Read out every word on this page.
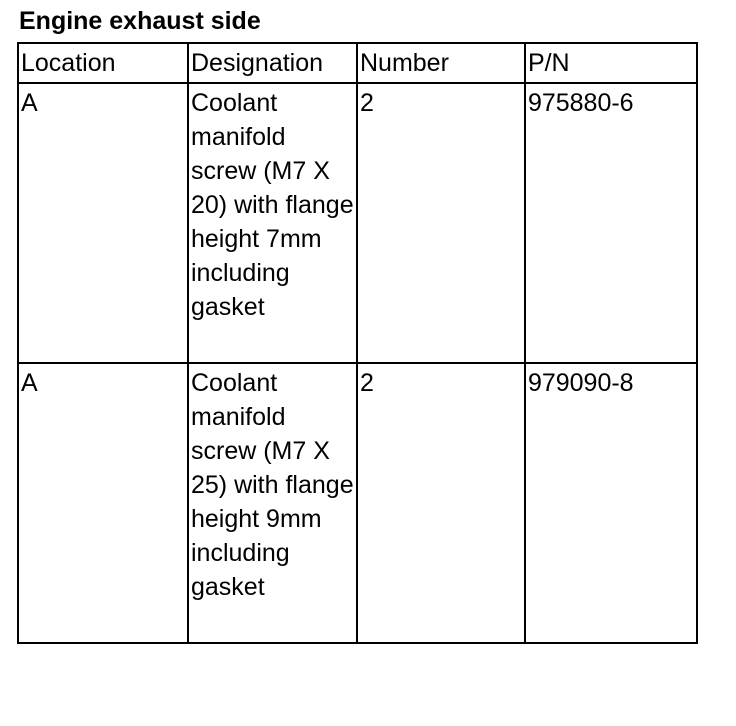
Engine exhaust side
Location	Designation	Number	P/N

A	Coolant manifold screw (M7 X 20) with flange height 7mm including gasket	2	975880-6

A	Coolant manifold screw (M7 X 25) with flange height 9mm including gasket	2	979090-8
